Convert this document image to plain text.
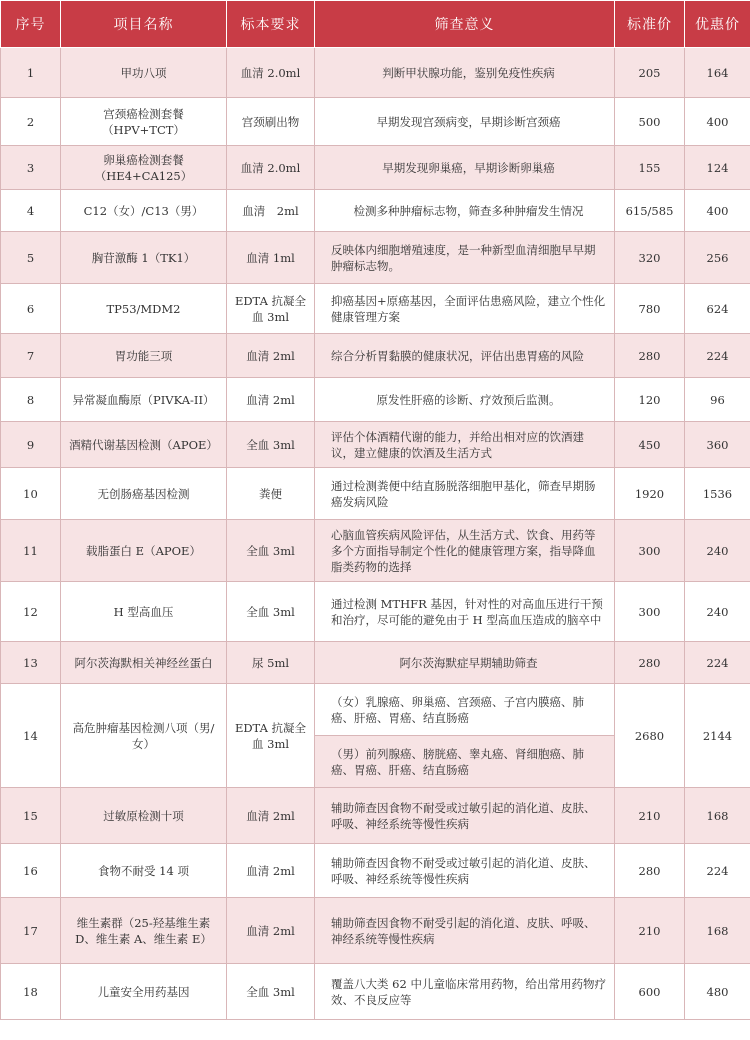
序号	项目名称	标本要求	筛查意义	标准价	优惠价
1	甲功八项	血清 2.0ml	判断甲状腺功能，鉴别免疫性疾病	205	164
2	宫颈癌检测套餐（HPV+TCT）	宫颈刷出物	早期发现宫颈病变，早期诊断宫颈癌	500	400
3	卵巢癌检测套餐（HE4+CA125）	血清 2.0ml	早期发现卵巢癌，早期诊断卵巢癌	155	124
4	C12（女）/C13（男）	血清　2ml	检测多种肿瘤标志物，筛查多种肿瘤发生情况	615/585	400
5	胸苷激酶 1（TK1）	血清 1ml	反映体内细胞增殖速度，是一种新型血清细胞早早期肿瘤标志物。	320	256
6	TP53/MDM2	EDTA 抗凝全血 3ml	抑癌基因+原癌基因，全面评估患癌风险，建立个性化健康管理方案	780	624
7	胃功能三项	血清 2ml	综合分析胃黏膜的健康状况，评估出患胃癌的风险	280	224
8	异常凝血酶原（PIVKA-II）	血清 2ml	原发性肝癌的诊断、疗效预后监测。	120	96
9	酒精代谢基因检测（APOE）	全血 3ml	评估个体酒精代谢的能力，并给出相对应的饮酒建议，建立健康的饮酒及生活方式	450	360
10	无创肠癌基因检测	粪便	通过检测粪便中结直肠脱落细胞甲基化，筛查早期肠癌发病风险	1920	1536
11	载脂蛋白 E（APOE）	全血 3ml	心脑血管疾病风险评估，从生活方式、饮食、用药等多个方面指导制定个性化的健康管理方案，指导降血脂类药物的选择	300	240
12	H 型高血压	全血 3ml	通过检测 MTHFR 基因，针对性的对高血压进行干预和治疗，尽可能的避免由于 H 型高血压造成的脑卒中	300	240
13	阿尔茨海默相关神经丝蛋白	尿 5ml	阿尔茨海默症早期辅助筛查	280	224
14	高危肿瘤基因检测八项（男/女）	EDTA 抗凝全血 3ml	（女）乳腺癌、卵巢癌、宫颈癌、子宫内膜癌、肺癌、肝癌、胃癌、结直肠癌	2680	2144
			（男）前列腺癌、膀胱癌、睾丸癌、肾细胞癌、肺癌、胃癌、肝癌、结直肠癌		
15	过敏原检测十项	血清 2ml	辅助筛查因食物不耐受或过敏引起的消化道、皮肤、呼吸、神经系统等慢性疾病	210	168
16	食物不耐受 14 项	血清 2ml	辅助筛查因食物不耐受或过敏引起的消化道、皮肤、呼吸、神经系统等慢性疾病	280	224
17	维生素群（25-羟基维生素 D、维生素 A、维生素 E）	血清 2ml	辅助筛查因食物不耐受引起的消化道、皮肤、呼吸、神经系统等慢性疾病	210	168
18	儿童安全用药基因	全血 3ml	覆盖八大类 62 中儿童临床常用药物，给出常用药物疗效、不良反应等	600	480
